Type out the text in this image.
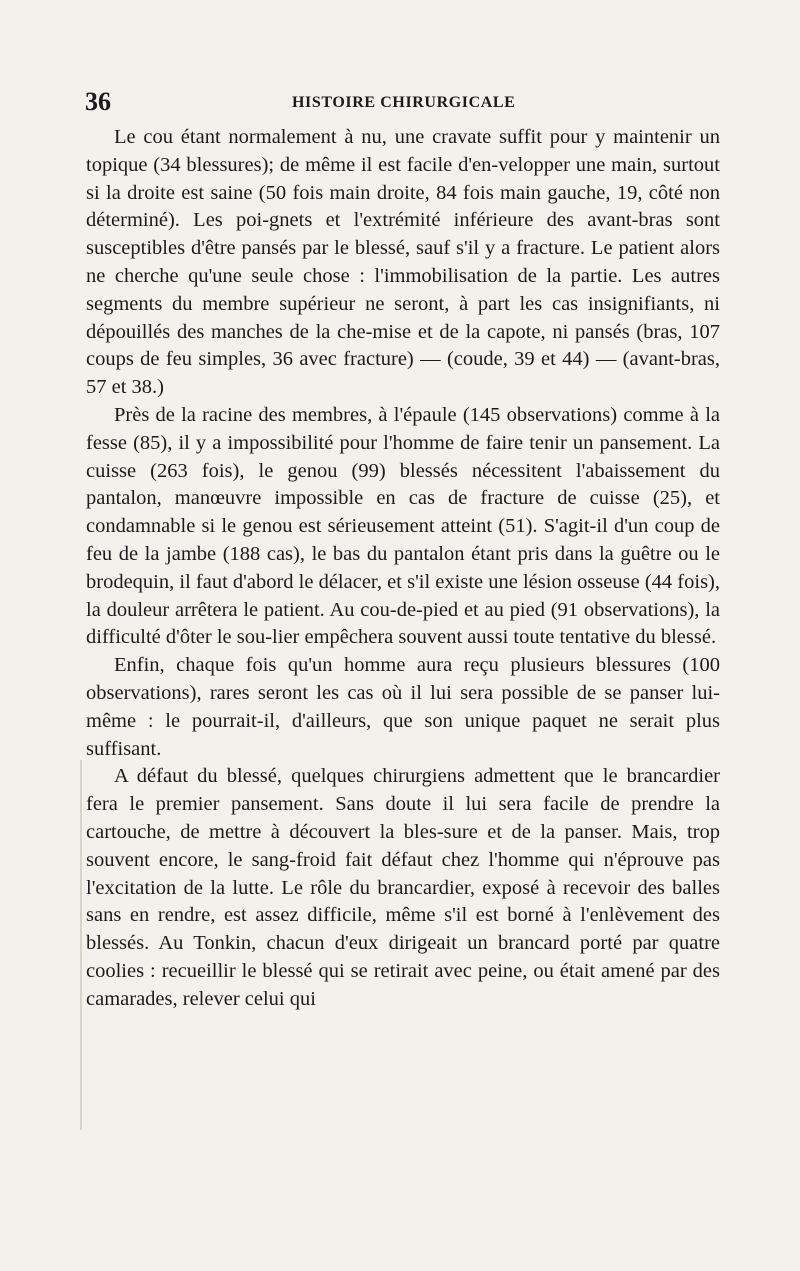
36	HISTOIRE CHIRURGICALE

Le cou étant normalement à nu, une cravate suffit pour y maintenir un topique (34 blessures); de même il est facile d'en-velopper une main, surtout si la droite est saine (50 fois main droite, 84 fois main gauche, 19, côté non déterminé). Les poi-gnets et l'extrémité inférieure des avant-bras sont susceptibles d'être pansés par le blessé, sauf s'il y a fracture. Le patient alors ne cherche qu'une seule chose : l'immobilisation de la partie. Les autres segments du membre supérieur ne seront, à part les cas insignifiants, ni dépouillés des manches de la che-mise et de la capote, ni pansés (bras, 107 coups de feu simples, 36 avec fracture) — (coude, 39 et 44) — (avant-bras, 57 et 38.)

Près de la racine des membres, à l'épaule (145 observations) comme à la fesse (85), il y a impossibilité pour l'homme de faire tenir un pansement. La cuisse (263 fois), le genou (99) blessés nécessitent l'abaissement du pantalon, manœuvre impossible en cas de fracture de cuisse (25), et condamnable si le genou est sérieusement atteint (51). S'agit-il d'un coup de feu de la jambe (188 cas), le bas du pantalon étant pris dans la guêtre ou le brodequin, il faut d'abord le délacer, et s'il existe une lésion osseuse (44 fois), la douleur arrêtera le patient. Au cou-de-pied et au pied (91 observations), la difficulté d'ôter le sou-lier empêchera souvent aussi toute tentative du blessé.

Enfin, chaque fois qu'un homme aura reçu plusieurs blessures (100 observations), rares seront les cas où il lui sera possible de se panser lui-même : le pourrait-il, d'ailleurs, que son unique paquet ne serait plus suffisant.

A défaut du blessé, quelques chirurgiens admettent que le brancardier fera le premier pansement. Sans doute il lui sera facile de prendre la cartouche, de mettre à découvert la bles-sure et de la panser. Mais, trop souvent encore, le sang-froid fait défaut chez l'homme qui n'éprouve pas l'excitation de la lutte. Le rôle du brancardier, exposé à recevoir des balles sans en rendre, est assez difficile, même s'il est borné à l'enlèvement des blessés. Au Tonkin, chacun d'eux dirigeait un brancard porté par quatre coolies : recueillir le blessé qui se retirait avec peine, ou était amené par des camarades, relever celui qui
